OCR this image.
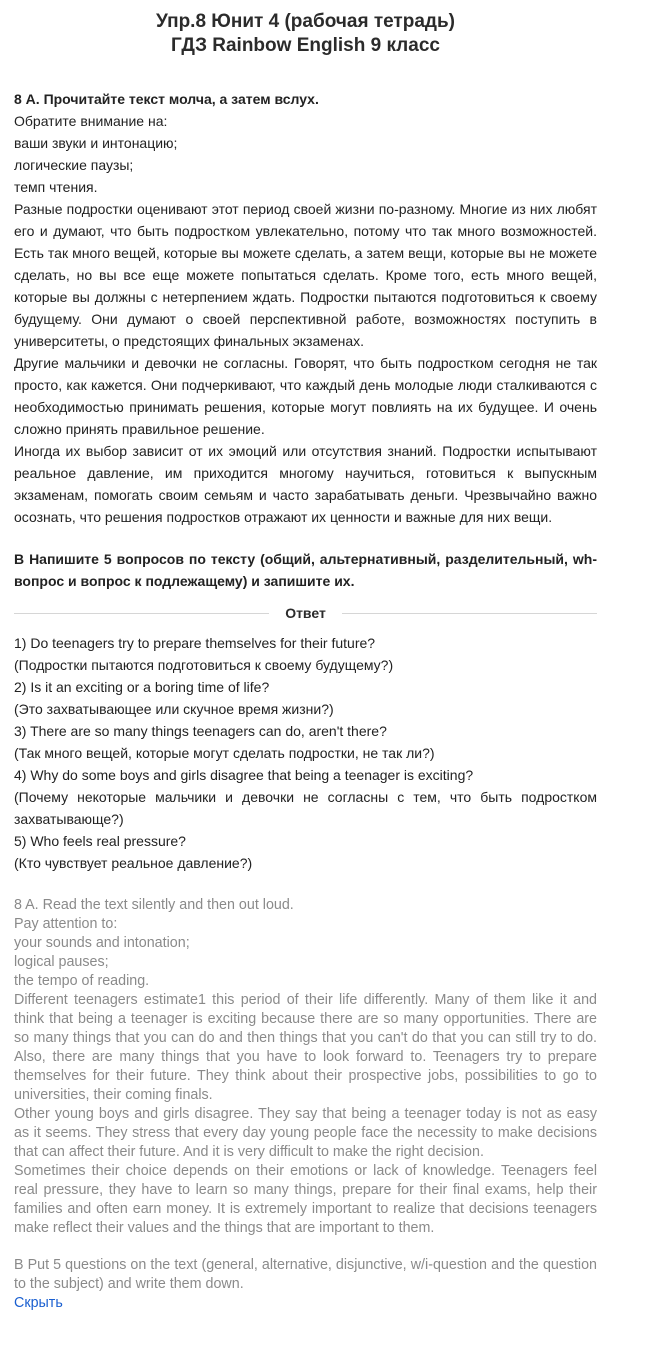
Упр.8 Юнит 4 (рабочая тетрадь)
ГДЗ Rainbow English 9 класс

8 А. Прочитайте текст молча, а затем вслух.

Обратите внимание на:

ваши звуки и интонацию;

логические паузы;

темп чтения.

Разные подростки оценивают этот период своей жизни по-разному. Многие из них любят его и думают, что быть подростком увлекательно, потому что так много возможностей. Есть так много вещей, которые вы можете сделать, а затем вещи, которые вы не можете сделать, но вы все еще можете попытаться сделать. Кроме того, есть много вещей, которые вы должны с нетерпением ждать. Подростки пытаются подготовиться к своему будущему. Они думают о своей перспективной работе, возможностях поступить в университеты, о предстоящих финальных экзаменах.

Другие мальчики и девочки не согласны. Говорят, что быть подростком сегодня не так просто, как кажется. Они подчеркивают, что каждый день молодые люди сталкиваются с необходимостью принимать решения, которые могут повлиять на их будущее. И очень сложно принять правильное решение.

Иногда их выбор зависит от их эмоций или отсутствия знаний. Подростки испытывают реальное давление, им приходится многому научиться, готовиться к выпускным экзаменам, помогать своим семьям и часто зарабатывать деньги. Чрезвычайно важно осознать, что решения подростков отражают их ценности и важные для них вещи.

В Напишите 5 вопросов по тексту (общий, альтернативный, разделительный, wh-вопрос и вопрос к подлежащему) и запишите их.

Ответ

1) Do teenagers try to prepare themselves for their future?

(Подростки пытаются подготовиться к своему будущему?)

2) Is it an exciting or a boring time of life?

(Это захватывающее или скучное время жизни?)

3) There are so many things teenagers can do, aren't there?

(Так много вещей, которые могут сделать подростки, не так ли?)

4) Why do some boys and girls disagree that being a teenager is exciting?

(Почему некоторые мальчики и девочки не согласны с тем, что быть подростком захватывающе?)

5) Who feels real pressure?

(Кто чувствует реальное давление?)

8 A. Read the text silently and then out loud.

Pay attention to:

your sounds and intonation;

logical pauses;

the tempo of reading.

Different teenagers estimate1 this period of their life differently. Many of them like it and think that being a teenager is exciting because there are so many opportunities. There are so many things that you can do and then things that you can't do that you can still try to do. Also, there are many things that you have to look forward to. Teenagers try to prepare themselves for their future. They think about their prospective jobs, possibilities to go to universities, their coming finals.

Other young boys and girls disagree. They say that being a teenager today is not as easy as it seems. They stress that every day young people face the necessity to make decisions that can affect their future. And it is very difficult to make the right decision.

Sometimes their choice depends on their emotions or lack of knowledge. Teenagers feel real pressure, they have to learn so many things, prepare for their final exams, help their families and often earn money. It is extremely important to realize that decisions teenagers make reflect their values and the things that are important to them.

B Put 5 questions on the text (general, alternative, disjunctive, w/i-question and the question to the subject) and write them down.

Скрыть
